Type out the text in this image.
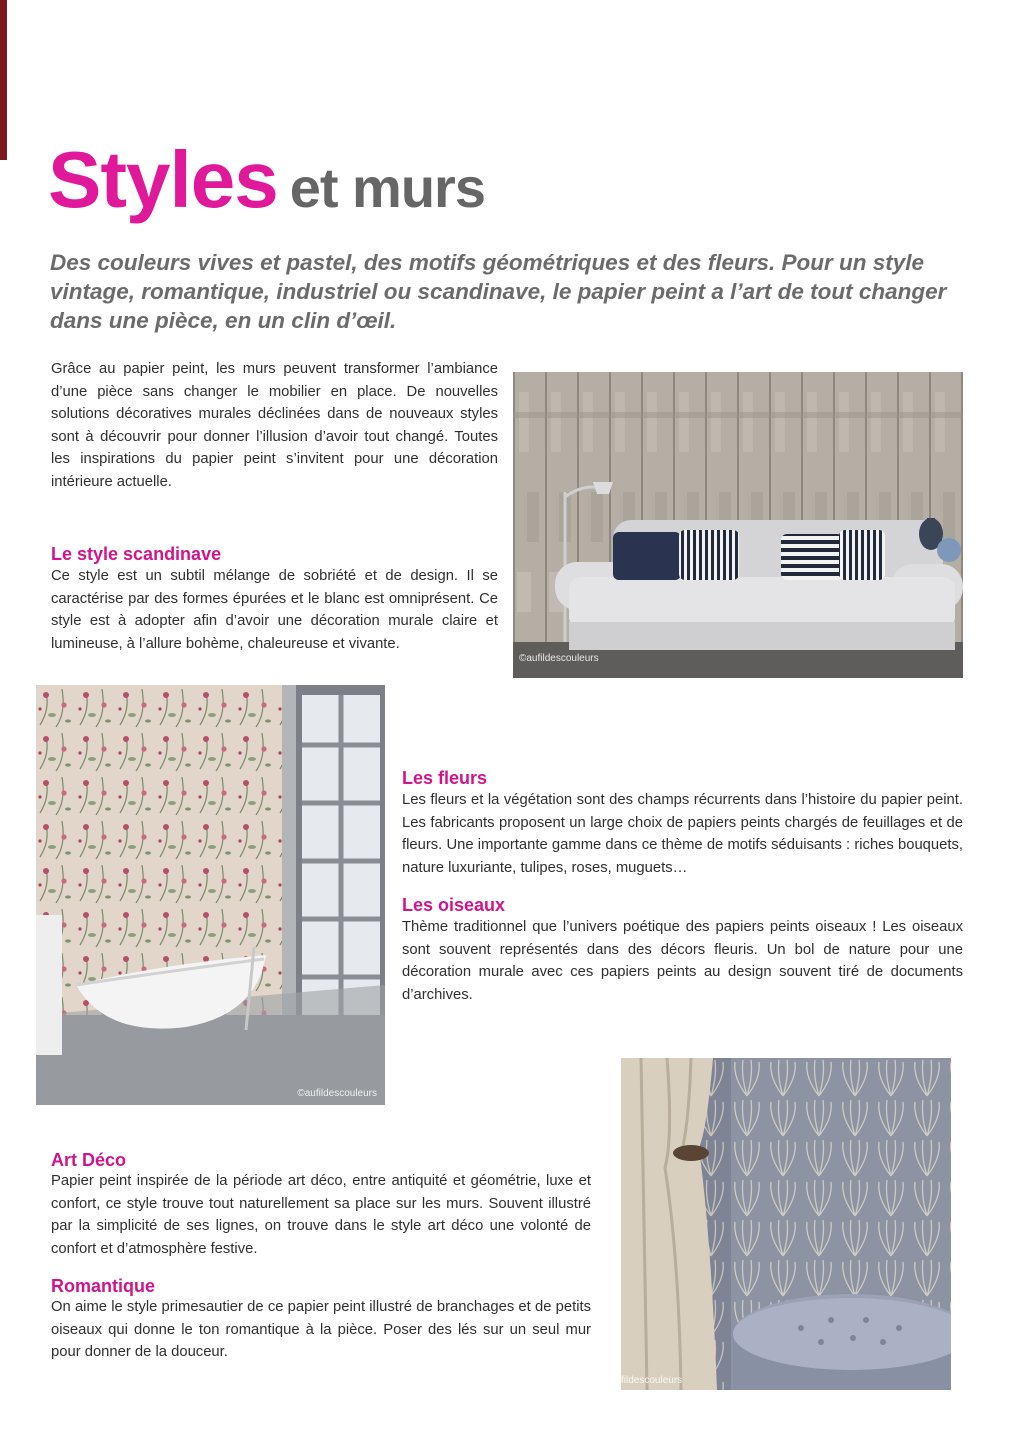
Styles et murs

Des couleurs vives et pastel, des motifs géométriques et des fleurs. Pour un style vintage, romantique, industriel ou scandinave, le papier peint a l’art de tout changer dans une pièce, en un clin d’œil.

Grâce au papier peint, les murs peuvent transformer l’ambiance d’une pièce sans changer le mobilier en place. De nouvelles solutions décoratives murales déclinées dans de nouveaux styles sont à découvrir pour donner l’illusion d’avoir tout changé. Toutes les inspirations du papier peint s’invitent pour une décoration intérieure actuelle.

Le style scandinave

Ce style est un subtil mélange de sobriété et de design. Il se caractérise par des formes épurées et le blanc est omniprésent. Ce style est à adopter afin d’avoir une décoration murale claire et lumineuse, à l’allure bohème, chaleureuse et vivante.

©aufildescouleurs
©aufildescouleurs
Les fleurs

Les fleurs et la végétation sont des champs récurrents dans l’histoire du papier peint. Les fabricants proposent un large choix de papiers peints chargés de feuillages et de fleurs. Une importante gamme dans ce thème de motifs séduisants : riches bouquets, nature luxuriante, tulipes, roses, muguets…

Les oiseaux

Thème traditionnel que l’univers poétique des papiers peints oiseaux ! Les oiseaux sont souvent représentés dans des décors fleuris. Un bol de nature pour une décoration murale avec ces papiers peints au design souvent tiré de documents d’archives.

fildescouleurs
Art Déco

Papier peint inspirée de la période art déco, entre antiquité et géométrie, luxe et confort, ce style trouve tout naturellement sa place sur les murs. Souvent illustré par la simplicité de ses lignes, on trouve dans le style art déco une volonté de confort et d’atmosphère festive.

Romantique

On aime le style primesautier de ce papier peint illustré de branchages et de petits oiseaux qui donne le ton romantique à la pièce. Poser des lés sur un seul mur pour donner de la douceur.
